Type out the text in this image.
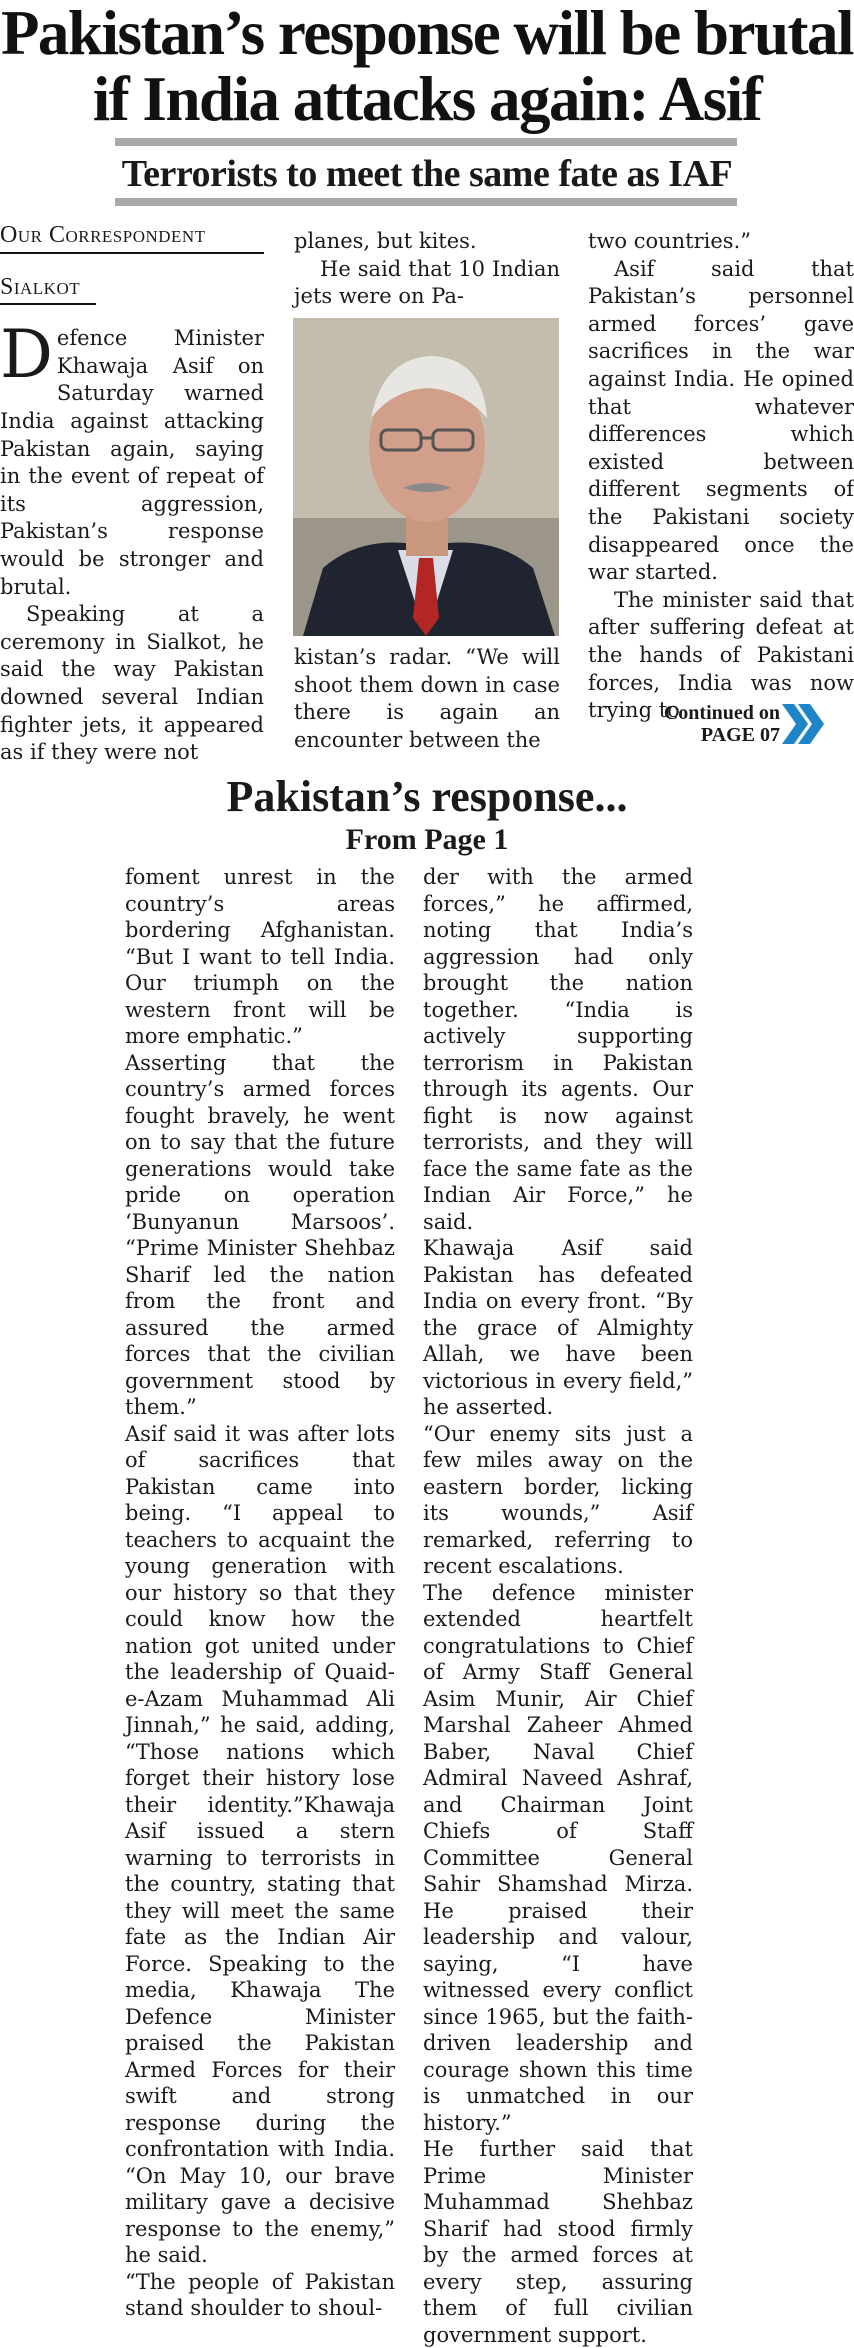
Pakistan’s response will be brutal
if India attacks again: Asif
Terrorists to meet the same fate as IAF
Our Correspondent
Sialkot

Defence Minister Khawaja Asif on Saturday warned India against attacking Pakistan again, saying in the event of repeat of its aggression, Pakistan’s response would be stronger and brutal.

Speaking at a ceremony in Sialkot, he said the way Pakistan downed several Indian fighter jets, it appeared as if they were not

planes, but kites.

He said that 10 Indian jets were on Pa-

kistan’s radar. “We will shoot them down in case there is again an encounter between the

two countries.”

Asif said that Pakistan’s personnel armed forces’ gave sacrifices in the war against India. He opined that whatever differences which existed between different segments of the Pakistani society disappeared once the war started.

The minister said that after suffering defeat at the hands of Pakistani forces, India was now trying to

Continued on
PAGE 07
Pakistan’s response...
From Page 1

foment unrest in the country’s areas bordering Afghanistan. “But I want to tell India. Our triumph on the western front will be more emphatic.”

Asserting that the country’s armed forces fought bravely, he went on to say that the future generations would take pride on operation ‘Bunyanun Marsoos’. “Prime Minister Shehbaz Sharif led the nation from the front and assured the armed forces that the civilian government stood by them.”

Asif said it was after lots of sacrifices that Pakistan came into being. “I appeal to teachers to acquaint the young generation with our history so that they could know how the nation got united under the leadership of Quaid-e-Azam Muhammad Ali Jinnah,” he said, adding, “Those nations which forget their history lose their identity.”Khawaja Asif issued a stern warning to terrorists in the country, stating that they will meet the same fate as the Indian Air Force. Speaking to the media, Khawaja The Defence Minister praised the Pakistan Armed Forces for their swift and strong response during the confrontation with India. “On May 10, our brave military gave a decisive response to the enemy,” he said.

“The people of Pakistan stand shoulder to shoul-

der with the armed forces,” he affirmed, noting that India’s aggression had only brought the nation together. “India is actively supporting terrorism in Pakistan through its agents. Our fight is now against terrorists, and they will face the same fate as the Indian Air Force,” he said.

Khawaja Asif said Pakistan has defeated India on every front. “By the grace of Almighty Allah, we have been victorious in every field,” he asserted.

“Our enemy sits just a few miles away on the eastern border, licking its wounds,” Asif remarked, referring to recent escalations.

The defence minister extended heartfelt congratulations to Chief of Army Staff General Asim Munir, Air Chief Marshal Zaheer Ahmed Baber, Naval Chief Admiral Naveed Ashraf, and Chairman Joint Chiefs of Staff Committee General Sahir Shamshad Mirza. He praised their leadership and valour, saying, “I have witnessed every conflict since 1965, but the faith-driven leadership and courage shown this time is unmatched in our history.”

He further said that Prime Minister Muhammad Shehbaz Sharif had stood firmly by the armed forces at every step, assuring them of full civilian government support.
